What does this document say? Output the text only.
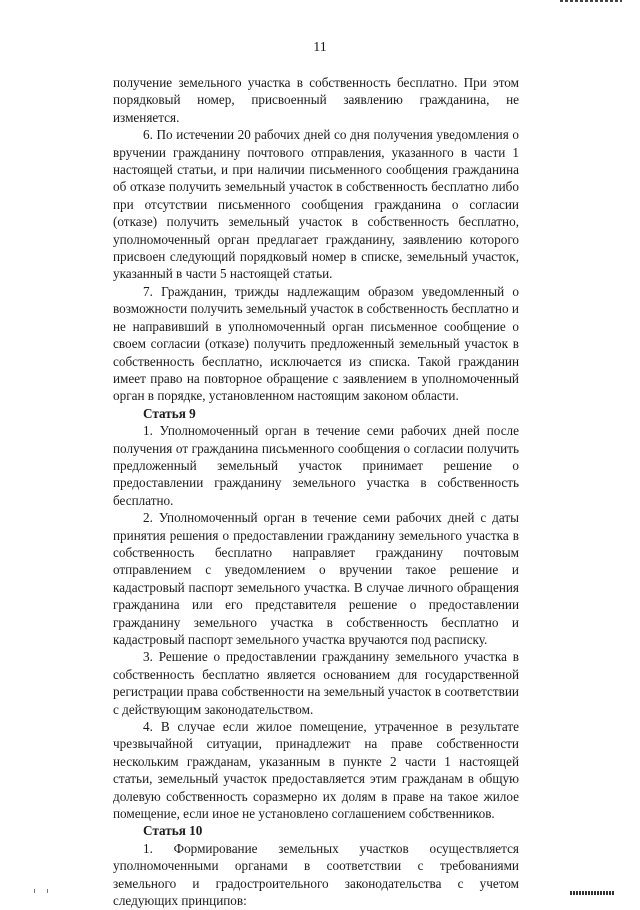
11

получение земельного участка в собственность бесплатно. При этом порядковый номер, присвоенный заявлению гражданина, не изменяется.

6. По истечении 20 рабочих дней со дня получения уведомления о вручении гражданину почтового отправления, указанного в части 1 настоящей статьи, и при наличии письменного сообщения гражданина об отказе получить земельный участок в собственность бесплатно либо при отсутствии письменного сообщения гражданина о согласии (отказе) получить земельный участок в собственность бесплатно, уполномоченный орган предлагает гражданину, заявлению которого присвоен следующий порядковый номер в списке, земельный участок, указанный в части 5 настоящей статьи.

7. Гражданин, трижды надлежащим образом уведомленный о возможности получить земельный участок в собственность бесплатно и не направивший в уполномоченный орган письменное сообщение о своем согласии (отказе) получить предложенный земельный участок в собственность бесплатно, исключается из списка. Такой гражданин имеет право на повторное обращение с заявлением в уполномоченный орган в порядке, установленном настоящим законом области.

Статья 9

1. Уполномоченный орган в течение семи рабочих дней после получения от гражданина письменного сообщения о согласии получить предложенный земельный участок принимает решение о предоставлении гражданину земельного участка в собственность бесплатно.

2. Уполномоченный орган в течение семи рабочих дней с даты принятия решения о предоставлении гражданину земельного участка в собственность бесплатно направляет гражданину почтовым отправлением с уведомлением о вручении такое решение и кадастровый паспорт земельного участка. В случае личного обращения гражданина или его представителя решение о предоставлении гражданину земельного участка в собственность бесплатно и кадастровый паспорт земельного участка вручаются под расписку.

3. Решение о предоставлении гражданину земельного участка в собственность бесплатно является основанием для государственной регистрации права собственности на земельный участок в соответствии с действующим законодательством.

4. В случае если жилое помещение, утраченное в результате чрезвычайной ситуации, принадлежит на праве собственности нескольким гражданам, указанным в пункте 2 части 1 настоящей статьи, земельный участок предоставляется этим гражданам в общую долевую собственность соразмерно их долям в праве на такое жилое помещение, если иное не установлено соглашением собственников.

Статья 10

1. Формирование земельных участков осуществляется уполномоченными органами в соответствии с требованиями земельного и градостроительного законодательства с учетом следующих принципов:
